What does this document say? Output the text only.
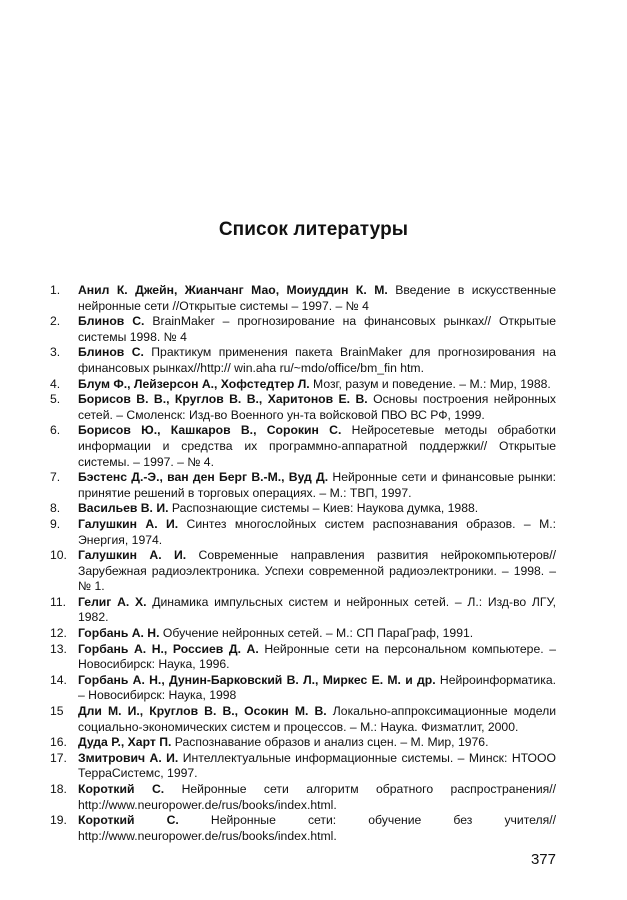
Список литературы
1.	Анил К. Джейн, Жианчанг Мао, Моиуддин К. М. Введение в искусственные нейронные сети //Открытые системы – 1997. – № 4
2.	Блинов С. BrainMaker – прогнозирование на финансовых рынках// Открытые системы 1998. № 4
3.	Блинов С. Практикум применения пакета BrainMaker для прогнозирования на финансовых рынках//http:// win.aha ru/~mdo/office/bm_fin htm.
4.	Блум Ф., Лейзерсон А., Хофстедтер Л. Мозг, разум и поведение. – М.: Мир, 1988.
5.	Борисов В. В., Круглов В. В., Харитонов Е. В. Основы построения нейронных сетей. – Смоленск: Изд-во Военного ун-та войсковой ПВО ВС РФ, 1999.
6.	Борисов Ю., Кашкаров В., Сорокин С. Нейросетевые методы обработки информации и средства их программно-аппаратной поддержки// Открытые системы. – 1997. – № 4.
7.	Бэстенс Д.-Э., ван ден Берг В.-М., Вуд Д. Нейронные сети и финансовые рынки: принятие решений в торговых операциях. – М.: ТВП, 1997.
8.	Васильев В. И. Распознающие системы – Киев: Наукова думка, 1988.
9.	Галушкин А. И. Синтез многослойных систем распознавания образов. – М.: Энергия, 1974.
10. Галушкин А. И. Современные направления развития нейрокомпьютеров// Зарубежная радиоэлектроника. Успехи современной радиоэлектроники. – 1998. – № 1.
11. Гелиг А. Х. Динамика импульсных систем и нейронных сетей. – Л.: Изд-во ЛГУ, 1982.
12. Горбань А. Н. Обучение нейронных сетей. – М.: СП ПараГраф, 1991.
13. Горбань А. Н., Россиев Д. А. Нейронные сети на персональном компьютере. – Новосибирск: Наука, 1996.
14. Горбань А. Н., Дунин-Барковский В. Л., Миркес Е. М. и др. Нейроинформатика. – Новосибирск: Наука, 1998
15	Дли М. И., Круглов В. В., Осокин М. В. Локально-аппроксимационные модели социально-экономических систем и процессов. – М.: Наука. Физматлит, 2000.
16. Дуда Р., Харт П. Распознавание образов и анализ сцен. – М. Мир, 1976.
17. Змитрович А. И. Интеллектуальные информационные системы. – Минск: НТООО ТерраСистемс, 1997.
18. Короткий С. Нейронные сети алгоритм обратного распространения// http://www.neuropower.de/rus/books/index.html.
19. Короткий С. Нейронные сети: обучение без учителя// http://www.neuropower.de/rus/books/index.html.
377
